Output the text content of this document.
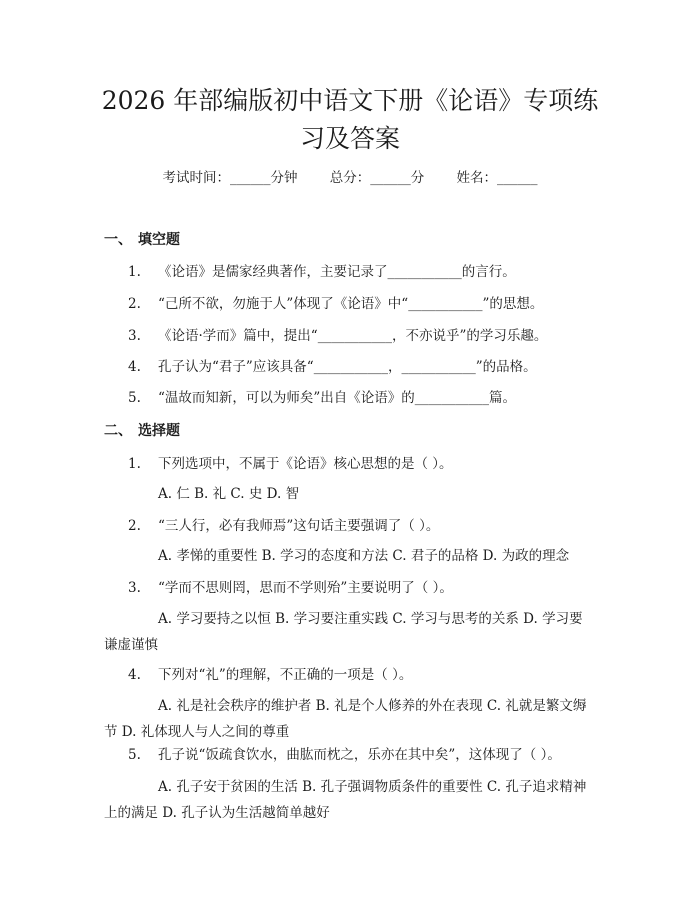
2026 年部编版初中语文下册《论语》专项练
习及答案
考试时间：______分钟 总分：______分 姓名：______
一、 填空题
1. 《论语》是儒家经典著作，主要记录了___________的言行。
2. “己所不欲，勿施于人”体现了《论语》中“___________”的思想。
3. 《论语·学而》篇中，提出“___________，不亦说乎”的学习乐趣。
4. 孔子认为“君子”应该具备“___________，___________”的品格。
5. “温故而知新，可以为师矣”出自《论语》的___________篇。
二、 选择题
1. 下列选项中，不属于《论语》核心思想的是（ ）。
A. 仁 B. 礼 C. 史 D. 智
2. “三人行，必有我师焉”这句话主要强调了（ ）。
A. 孝悌的重要性 B. 学习的态度和方法 C. 君子的品格 D. 为政的理念
3. “学而不思则罔，思而不学则殆”主要说明了（ ）。
A. 学习要持之以恒 B. 学习要注重实践 C. 学习与思考的关系 D. 学习要谦虚谨慎
4. 下列对“礼”的理解，不正确的一项是（ ）。
A. 礼是社会秩序的维护者 B. 礼是个人修养的外在表现 C. 礼就是繁文缛节 D. 礼体现人与人之间的尊重
5. 孔子说“饭疏食饮水，曲肱而枕之，乐亦在其中矣”，这体现了（ ）。
A. 孔子安于贫困的生活 B. 孔子强调物质条件的重要性 C. 孔子追求精神上的满足 D. 孔子认为生活越简单越好
